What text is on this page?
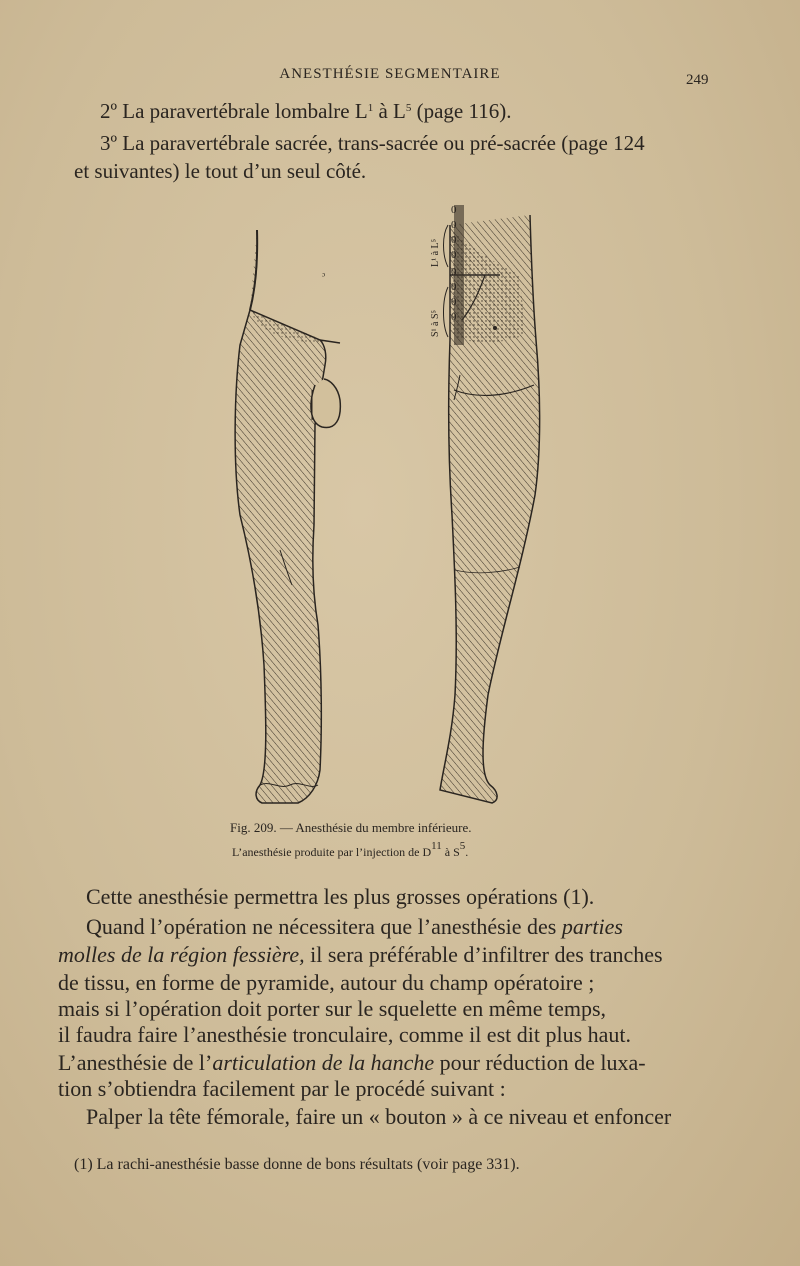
ANESTHÉSIE SEGMENTAIRE	249
2º La paravertébrale lombalre $L^1$ à $L^5$ (page 116).
3º La paravertébrale sacrée, trans-sacrée ou pré-sacrée (page 124
et suivantes) le tout d’un seul côté.
ᵓ
0
0
0
0
0
0
0
0
L¹ à L⁵
S¹ à S⁵
Fig. 209. — Anesthésie du membre inférieure.
L’anesthésie produite par l’injection de $D^{11}$ à $S^5$.
Cette anesthésie permettra les plus grosses opérations (1).
Quand l’opération ne nécessitera que l’anesthésie des parties
molles de la région fessière, il sera préférable d’infiltrer des tranches
de tissu, en forme de pyramide, autour du champ opératoire ;
mais si l’opération doit porter sur le squelette en même temps,
il faudra faire l’anesthésie tronculaire, comme il est dit plus haut.
L’anesthésie de l’articulation de la hanche pour réduction de luxa-
tion s’obtiendra facilement par le procédé suivant :
Palper la tête fémorale, faire un « bouton » à ce niveau et enfoncer
(1) La rachi-anesthésie basse donne de bons résultats (voir page 331).
